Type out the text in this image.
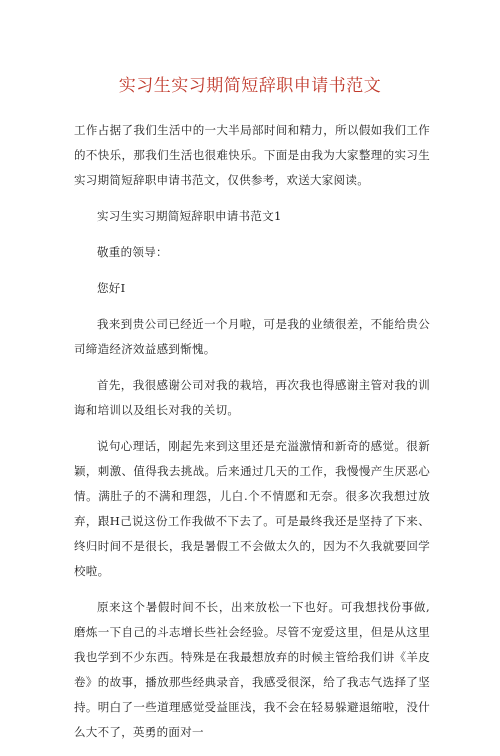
实习生实习期简短辞职申请书范文

工作占据了我们生活中的一大半局部时间和精力，所以假如我们工作的不快乐，那我们生活也很难快乐。下面是由我为大家整理的实习生实习期简短辞职申请书范文，仅供参考，欢送大家阅读。

实习生实习期简短辞职申请书范文1

敬重的领导：

您好I

我来到贵公司已经近一个月啦，可是我的业绩很差，不能给贵公司缔造经济效益感到惭愧。

首先，我很感谢公司对我的栽培，再次我也得感谢主管对我的训诲和培训以及组长对我的关切。

说句心理话，刚起先来到这里还是充溢激情和新奇的感觉。很新颖，刺激、值得我去挑战。后来通过几天的工作，我慢慢产生厌恶心情。满肚子的不满和理怨，儿白.个不情愿和无奈。很多次我想过放弃，跟H己说这份工作我做不下去了。可是最终我还是坚持了下来、终归时间不是很长，我是暑假工不会做太久的，因为不久我就要回学校啦。

原来这个暑假时间不长，出来放松一下也好。可我想找份事做,磨炼一下自己的斗志增长些社会经验。尽管不宠爱这里，但是从这里我也学到不少东西。特殊是在我最想放弃的时候主管给我们讲《羊皮卷》的故事，播放那些经典录音，我感受很深，给了我志气选择了坚持。明白了一些道理感觉受益匪浅，我不会在轻易躲避退缩啦，没什么大不了，英勇的面对一
